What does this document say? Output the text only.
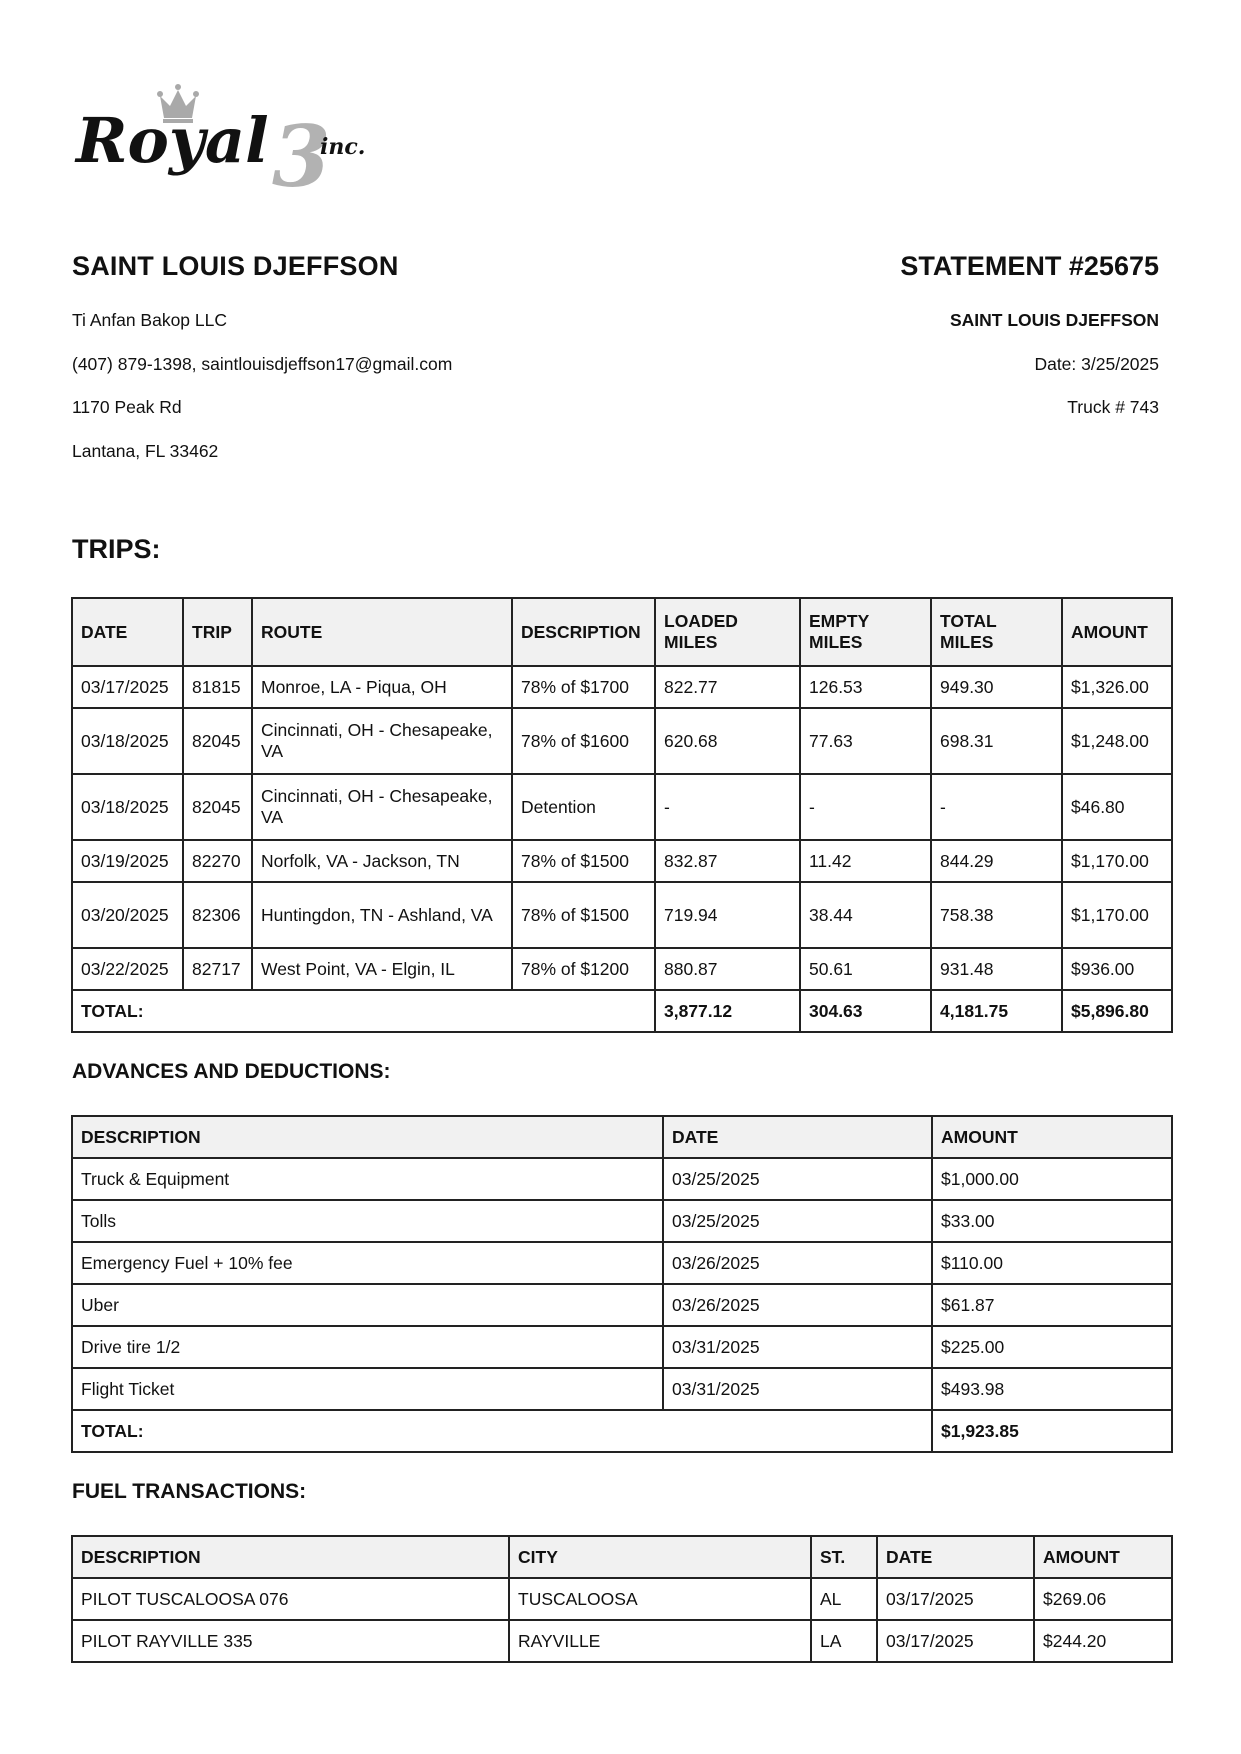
3
Royal inc.
SAINT LOUIS DJEFFSON	STATEMENT #25675
Ti Anfan Bakop LLC
(407) 879-1398, saintlouisdjeffson17@gmail.com
1170 Peak Rd
Lantana, FL 33462
SAINT LOUIS DJEFFSON
Date: 3/25/2025
Truck # 743
TRIPS:
DATE	TRIP	ROUTE	DESCRIPTION	LOADED MILES	EMPTY MILES	TOTAL MILES	AMOUNT
03/17/2025	81815	Monroe, LA - Piqua, OH	78% of $1700	822.77	126.53	949.30	$1,326.00
03/18/2025	82045	Cincinnati, OH - Chesapeake, VA	78% of $1600	620.68	77.63	698.31	$1,248.00
03/18/2025	82045	Cincinnati, OH - Chesapeake, VA	Detention	-	-	-	$46.80
03/19/2025	82270	Norfolk, VA - Jackson, TN	78% of $1500	832.87	11.42	844.29	$1,170.00
03/20/2025	82306	Huntingdon, TN - Ashland, VA	78% of $1500	719.94	38.44	758.38	$1,170.00
03/22/2025	82717	West Point, VA - Elgin, IL	78% of $1200	880.87	50.61	931.48	$936.00
TOTAL:				3,877.12	304.63	4,181.75	$5,896.80
ADVANCES AND DEDUCTIONS:
DESCRIPTION	DATE	AMOUNT
Truck & Equipment	03/25/2025	$1,000.00
Tolls	03/25/2025	$33.00
Emergency Fuel + 10% fee	03/26/2025	$110.00
Uber	03/26/2025	$61.87
Drive tire 1/2	03/31/2025	$225.00
Flight Ticket	03/31/2025	$493.98
TOTAL:		$1,923.85
FUEL TRANSACTIONS:
DESCRIPTION	CITY	ST.	DATE	AMOUNT
PILOT TUSCALOOSA 076	TUSCALOOSA	AL	03/17/2025	$269.06
PILOT RAYVILLE 335	RAYVILLE	LA	03/17/2025	$244.20
